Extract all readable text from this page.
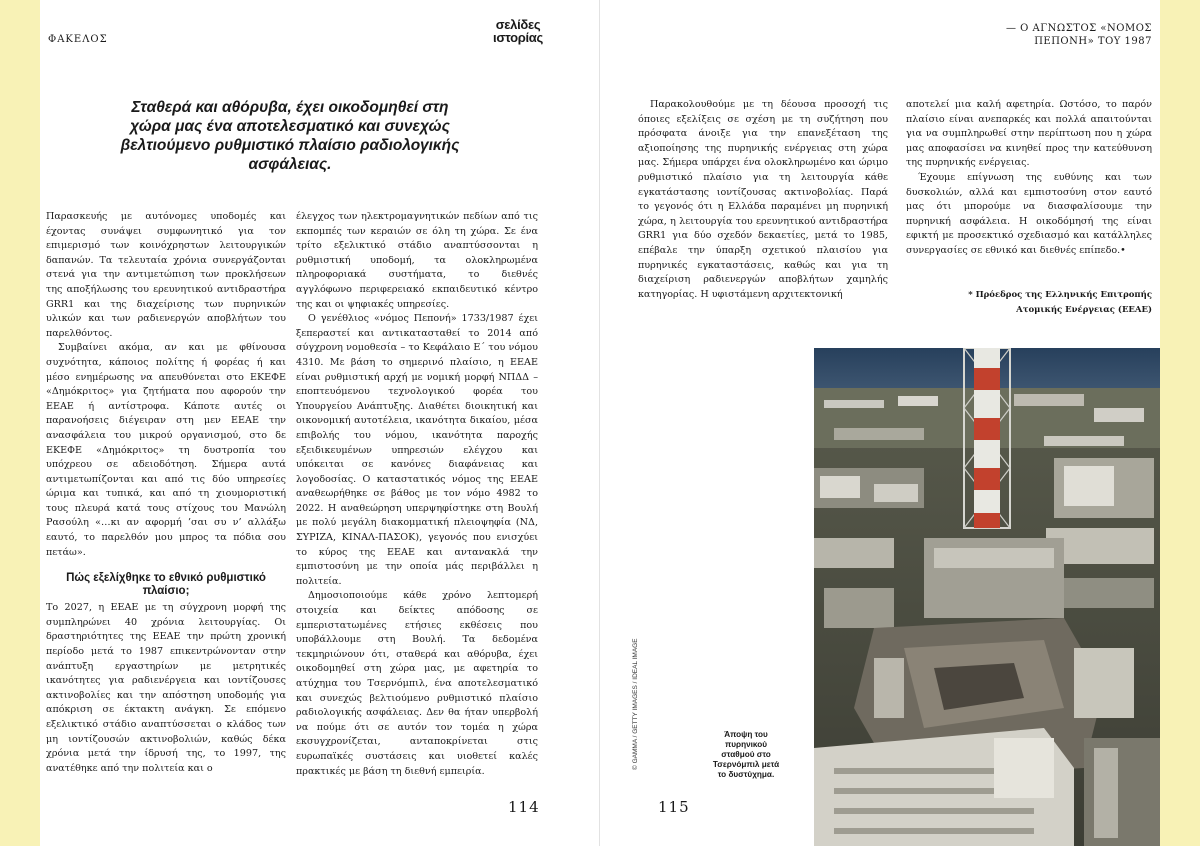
ΦΑΚΕΛΟΣ
σελίδες
ιστορίας
Σταθερά και αθόρυβα, έχει οικοδομηθεί στη χώρα μας ένα αποτελεσματικό και συνεχώς βελτιούμενο ρυθμιστικό πλαίσιο ραδιολογικής ασφάλειας.

Παρασκευής με αυτόνομες υποδομές και έχοντας συνάψει συμφωνητικό για τον επιμερισμό των κοινόχρηστων λειτουργικών δαπανών. Τα τελευταία χρόνια συνεργάζονται στενά για την αντιμετώπιση των προκλήσεων της αποξήλωσης του ερευνητικού αντιδραστήρα GRR1 και της διαχείρισης των πυρηνικών υλικών και των ραδιενεργών αποβλήτων του παρελθόντος.

Συμβαίνει ακόμα, αν και με φθίνουσα συχνότητα, κάποιος πολίτης ή φορέας ή και μέσο ενημέρωσης να απευθύνεται στο ΕΚΕΦΕ «Δημόκριτος» για ζητήματα που αφορούν την ΕΕΑΕ ή αντίστροφα. Κάποτε αυτές οι παρανοήσεις διέγειραν στη μεν ΕΕΑΕ την ανασφάλεια του μικρού οργανισμού, στο δε ΕΚΕΦΕ «Δημόκριτος» τη δυστροπία του υπόχρεου σε αδειοδότηση. Σήμερα αυτά αντιμετωπίζονται και από τις δύο υπηρεσίες ώριμα και τυπικά, και από τη χιουμοριστική τους πλευρά κατά τους στίχους του Μανώλη Ρασούλη «…κι αν αφορμή ’σαι συ ν’ αλλάξω εαυτό, το παρελθόν μου μπρος τα πόδια σου πετάω».

Πώς εξελίχθηκε το εθνικό ρυθμιστικό πλαίσιο;

Το 2027, η ΕΕΑΕ με τη σύγχρονη μορφή της συμπληρώνει 40 χρόνια λειτουργίας. Οι δραστηριότητες της ΕΕΑΕ την πρώτη χρονική περίοδο μετά το 1987 επικεντρώνονταν στην ανάπτυξη εργαστηρίων με μετρητικές ικανότητες για ραδιενέργεια και ιοντίζουσες ακτινοβολίες και την απόστηση υποδομής για απόκριση σε έκτακτη ανάγκη. Σε επόμενο εξελικτικό στάδιο αναπτύσσεται ο κλάδος των μη ιοντίζουσών ακτινοβολιών, καθώς δέκα χρόνια μετά την ίδρυσή της, το 1997, της ανατέθηκε από την πολιτεία και ο

έλεγχος των ηλεκτρομαγνητικών πεδίων από τις εκπομπές των κεραιών σε όλη τη χώρα. Σε ένα τρίτο εξελικτικό στάδιο αναπτύσσονται η ρυθμιστική υποδομή, τα ολοκληρωμένα πληροφοριακά συστήματα, το διεθνές αγγλόφωνο περιφερειακό εκπαιδευτικό κέντρο της και οι ψηφιακές υπηρεσίες.

Ο γενέθλιος «νόμος Πεπονή» 1733/1987 έχει ξεπεραστεί και αντικατασταθεί το 2014 από σύγχρονη νομοθεσία – το Κεφάλαιο Ε΄ του νόμου 4310. Με βάση το σημερινό πλαίσιο, η ΕΕΑΕ είναι ρυθμιστική αρχή με νομική μορφή ΝΠΔΔ – εποπτευόμενου τεχνολογικού φορέα του Υπουργείου Ανάπτυξης. Διαθέτει διοικητική και οικονομική αυτοτέλεια, ικανότητα δικαίου, μέσα επιβολής του νόμου, ικανότητα παροχής εξειδικευμένων υπηρεσιών ελέγχου και υπόκειται σε κανόνες διαφάνειας και λογοδοσίας. Ο καταστατικός νόμος της ΕΕΑΕ αναθεωρήθηκε σε βάθος με τον νόμο 4982 το 2022. Η αναθεώρηση υπερψηφίστηκε στη Βουλή με πολύ μεγάλη διακομματική πλειοψηφία (ΝΔ, ΣΥΡΙΖΑ, ΚΙΝΑΛ-ΠΑΣΟΚ), γεγονός που ενισχύει το κύρος της ΕΕΑΕ και αντανακλά την εμπιστοσύνη με την οποία μάς περιβάλλει η πολιτεία.

Δημοσιοποιούμε κάθε χρόνο λεπτομερή στοιχεία και δείκτες απόδοσης σε εμπεριστατωμένες ετήσιες εκθέσεις που υποβάλλουμε στη Βουλή. Τα δεδομένα τεκμηριώνουν ότι, σταθερά και αθόρυβα, έχει οικοδομηθεί στη χώρα μας, με αφετηρία το ατύχημα του Τσερνόμπιλ, ένα αποτελεσματικό και συνεχώς βελτιούμενο ρυθμιστικό πλαίσιο ραδιολογικής ασφάλειας. Δεν θα ήταν υπερβολή να πούμε ότι σε αυτόν τον τομέα η χώρα εκσυγχρονίζεται, ανταποκρίνεται στις ευρωπαϊκές συστάσεις και υιοθετεί καλές πρακτικές με βάση τη διεθνή εμπειρία.

114
— Ο ΑΓΝΩΣΤΟΣ «ΝΟΜΟΣ
ΠΕΠΟΝΗ» ΤΟΥ 1987

Παρακολουθούμε με τη δέουσα προσοχή τις όποιες εξελίξεις σε σχέση με τη συζήτηση που πρόσφατα άνοιξε για την επανεξέταση της αξιοποίησης της πυρηνικής ενέργειας στη χώρα μας. Σήμερα υπάρχει ένα ολοκληρωμένο και ώριμο ρυθμιστικό πλαίσιο για τη λειτουργία κάθε εγκατάστασης ιοντίζουσας ακτινοβολίας. Παρά το γεγονός ότι η Ελλάδα παραμένει μη πυρηνική χώρα, η λειτουργία του ερευνητικού αντιδραστήρα GRR1 για δύο σχεδόν δεκαετίες, μετά το 1985, επέβαλε την ύπαρξη σχετικού πλαισίου για πυρηνικές εγκαταστάσεις, καθώς και για τη διαχείριση ραδιενεργών αποβλήτων χαμηλής κατηγορίας. Η υφιστάμενη αρχιτεκτονική

αποτελεί μια καλή αφετηρία. Ωστόσο, το παρόν πλαίσιο είναι ανεπαρκές και πολλά απαιτούνται για να συμπληρωθεί στην περίπτωση που η χώρα μας αποφασίσει να κινηθεί προς την κατεύθυνση της πυρηνικής ενέργειας.

Έχουμε επίγνωση της ευθύνης και των δυσκολιών, αλλά και εμπιστοσύνη στον εαυτό μας ότι μπορούμε να διασφαλίσουμε την πυρηνική ασφάλεια. Η οικοδόμησή της είναι εφικτή με προσεκτικό σχεδιασμό και κατάλληλες συνεργασίες σε εθνικό και διεθνές επίπεδο.•

* Πρόεδρος της Ελληνικής Επιτροπής
Ατομικής Ενέργειας (ΕΕΑΕ)
© GAMMA / GETTY IMAGES / IDEAL IMAGE	Άποψη του πυρηνικού σταθμού στο Τσερνόμπιλ μετά το δυστύχημα.
115
